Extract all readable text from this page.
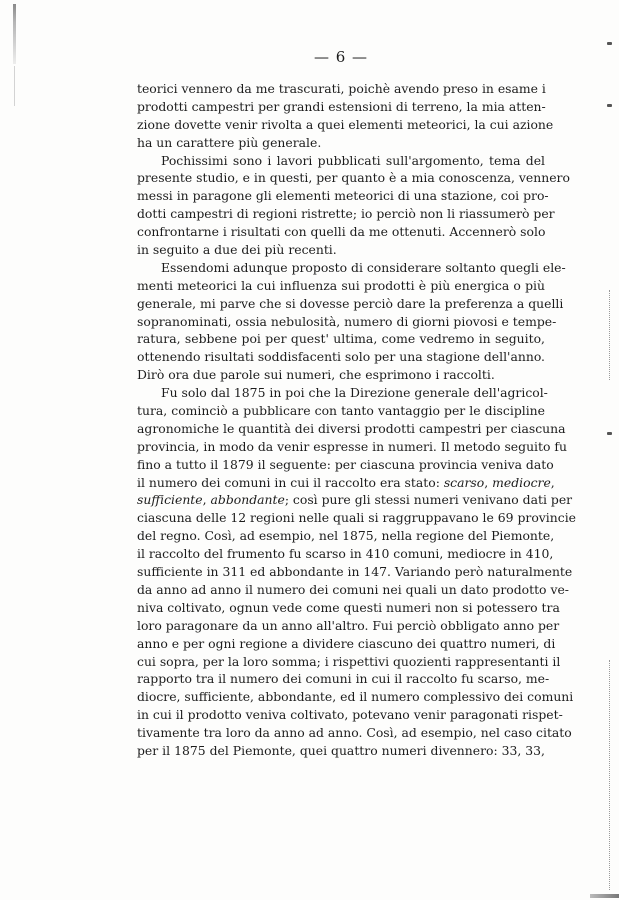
— 6 —
teorici vennero da me trascurati, poichè avendo preso in esame i
prodotti campestri per grandi estensioni di terreno, la mia atten-
zione dovette venir rivolta a quei elementi meteorici, la cui azione
ha un carattere più generale.
Pochissimi sono i lavori pubblicati sull'argomento, tema del
presente studio, e in questi, per quanto è a mia conoscenza, vennero
messi in paragone gli elementi meteorici di una stazione, coi pro-
dotti campestri di regioni ristrette; io perciò non li riassumerò per
confrontarne i risultati con quelli da me ottenuti. Accennerò solo
in seguito a due dei più recenti.
Essendomi adunque proposto di considerare soltanto quegli ele-
menti meteorici la cui influenza sui prodotti è più energica o più
generale, mi parve che si dovesse perciò dare la preferenza a quelli
sopranominati, ossia nebulosità, numero di giorni piovosi e tempe-
ratura, sebbene poi per quest' ultima, come vedremo in seguito,
ottenendo risultati soddisfacenti solo per una stagione dell'anno.
Dirò ora due parole sui numeri, che esprimono i raccolti.
Fu solo dal 1875 in poi che la Direzione generale dell'agricol-
tura, cominciò a pubblicare con tanto vantaggio per le discipline
agronomiche le quantità dei diversi prodotti campestri per ciascuna
provincia, in modo da venir espresse in numeri. Il metodo seguito fu
fino a tutto il 1879 il seguente: per ciascuna provincia veniva dato
il numero dei comuni in cui il raccolto era stato: scarso, mediocre,
sufficiente, abbondante; così pure gli stessi numeri venivano dati per
ciascuna delle 12 regioni nelle quali si raggruppavano le 69 provincie
del regno. Così, ad esempio, nel 1875, nella regione del Piemonte,
il raccolto del frumento fu scarso in 410 comuni, mediocre in 410,
sufficiente in 311 ed abbondante in 147. Variando però naturalmente
da anno ad anno il numero dei comuni nei quali un dato prodotto ve-
niva coltivato, ognun vede come questi numeri non si potessero tra
loro paragonare da un anno all'altro. Fui perciò obbligato anno per
anno e per ogni regione a dividere ciascuno dei quattro numeri, di
cui sopra, per la loro somma; i rispettivi quozienti rappresentanti il
rapporto tra il numero dei comuni in cui il raccolto fu scarso, me-
diocre, sufficiente, abbondante, ed il numero complessivo dei comuni
in cui il prodotto veniva coltivato, potevano venir paragonati rispet-
tivamente tra loro da anno ad anno. Così, ad esempio, nel caso citato
per il 1875 del Piemonte, quei quattro numeri divennero: 33, 33,
